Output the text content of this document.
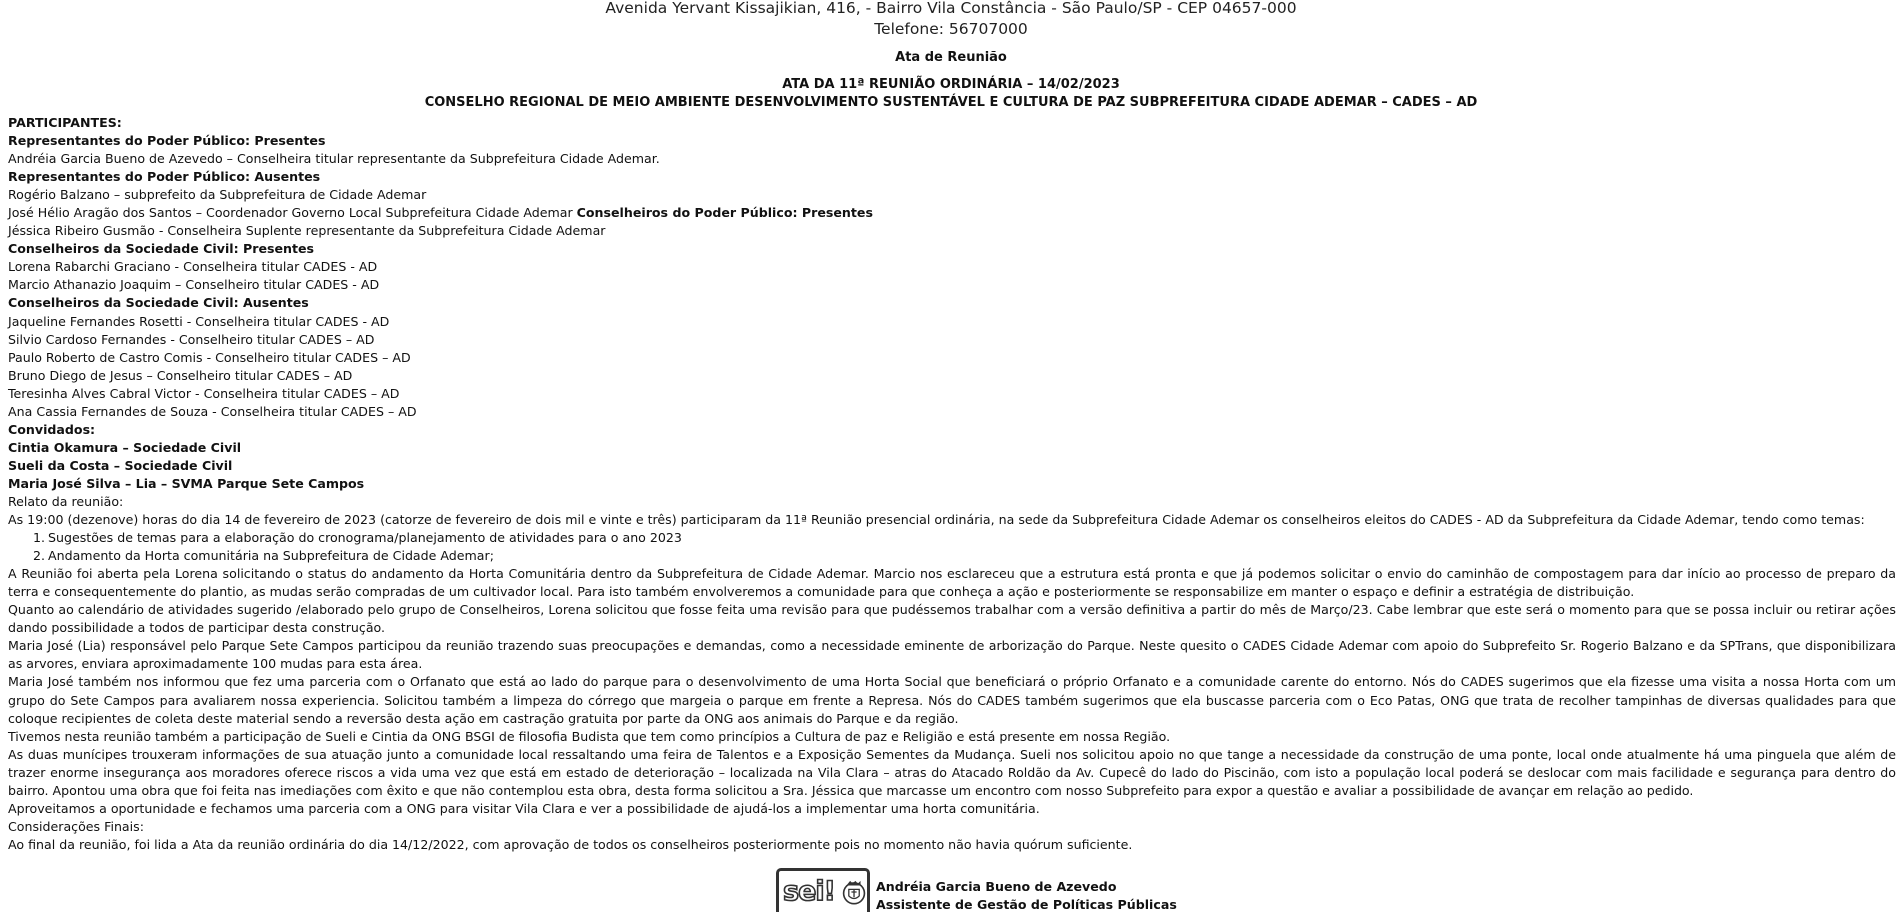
Avenida Yervant Kissajikian, 416, - Bairro Vila Constância - São Paulo/SP - CEP 04657-000
Telefone: 56707000
Ata de Reunião
ATA DA 11ª REUNIÃO ORDINÁRIA – 14/02/2023
CONSELHO REGIONAL DE MEIO AMBIENTE DESENVOLVIMENTO SUSTENTÁVEL E CULTURA DE PAZ SUBPREFEITURA CIDADE ADEMAR – CADES – AD
PARTICIPANTES:
Representantes do Poder Público: Presentes
Andréia Garcia Bueno de Azevedo – Conselheira titular representante da Subprefeitura Cidade Ademar.
Representantes do Poder Público: Ausentes
Rogério Balzano – subprefeito da Subprefeitura de Cidade Ademar
José Hélio Aragão dos Santos – Coordenador Governo Local Subprefeitura Cidade Ademar Conselheiros do Poder Público: Presentes
Jéssica Ribeiro Gusmão - Conselheira Suplente representante da Subprefeitura Cidade Ademar
Conselheiros da Sociedade Civil: Presentes
Lorena Rabarchi Graciano - Conselheira titular CADES - AD
Marcio Athanazio Joaquim – Conselheiro titular CADES - AD
Conselheiros da Sociedade Civil: Ausentes
Jaqueline Fernandes Rosetti - Conselheira titular CADES - AD
Silvio Cardoso Fernandes - Conselheiro titular CADES – AD
Paulo Roberto de Castro Comis - Conselheiro titular CADES – AD
Bruno Diego de Jesus – Conselheiro titular CADES – AD
Teresinha Alves Cabral Victor - Conselheira titular CADES – AD
Ana Cassia Fernandes de Souza - Conselheira titular CADES – AD
Convidados:
Cintia Okamura – Sociedade Civil
Sueli da Costa – Sociedade Civil
Maria José Silva – Lia – SVMA Parque Sete Campos
Relato da reunião:
As 19:00 (dezenove) horas do dia 14 de fevereiro de 2023 (catorze de fevereiro de dois mil e vinte e três) participaram da 11ª Reunião presencial ordinária, na sede da Subprefeitura Cidade Ademar os conselheiros eleitos do CADES - AD da Subprefeitura da Cidade Ademar, tendo como temas:
1. Sugestões de temas para a elaboração do cronograma/planejamento de atividades para o ano 2023
2. Andamento da Horta comunitária na Subprefeitura de Cidade Ademar;
A Reunião foi aberta pela Lorena solicitando o status do andamento da Horta Comunitária dentro da Subprefeitura de Cidade Ademar. Marcio nos esclareceu que a estrutura está pronta e que já podemos solicitar o envio do caminhão de compostagem para dar início ao processo de preparo da terra e consequentemente do plantio, as mudas serão compradas de um cultivador local. Para isto também envolveremos a comunidade para que conheça a ação e posteriormente se responsabilize em manter o espaço e definir a estratégia de distribuição.
Quanto ao calendário de atividades sugerido /elaborado pelo grupo de Conselheiros, Lorena solicitou que fosse feita uma revisão para que pudéssemos trabalhar com a versão definitiva a partir do mês de Março/23. Cabe lembrar que este será o momento para que se possa incluir ou retirar ações dando possibilidade a todos de participar desta construção.
Maria José (Lia) responsável pelo Parque Sete Campos participou da reunião trazendo suas preocupações e demandas, como a necessidade eminente de arborização do Parque. Neste quesito o CADES Cidade Ademar com apoio do Subprefeito Sr. Rogerio Balzano e da SPTrans, que disponibilizara as arvores, enviara aproximadamente 100 mudas para esta área.
Maria José também nos informou que fez uma parceria com o Orfanato que está ao lado do parque para o desenvolvimento de uma Horta Social que beneficiará o próprio Orfanato e a comunidade carente do entorno. Nós do CADES sugerimos que ela fizesse uma visita a nossa Horta com um grupo do Sete Campos para avaliarem nossa experiencia. Solicitou também a limpeza do córrego que margeia o parque em frente a Represa. Nós do CADES também sugerimos que ela buscasse parceria com o Eco Patas, ONG que trata de recolher tampinhas de diversas qualidades para que coloque recipientes de coleta deste material sendo a reversão desta ação em castração gratuita por parte da ONG aos animais do Parque e da região.
Tivemos nesta reunião também a participação de Sueli e Cintia da ONG BSGI de filosofia Budista que tem como princípios a Cultura de paz e Religião e está presente em nossa Região.
As duas munícipes trouxeram informações de sua atuação junto a comunidade local ressaltando uma feira de Talentos e a Exposição Sementes da Mudança. Sueli nos solicitou apoio no que tange a necessidade da construção de uma ponte, local onde atualmente há uma pinguela que além de trazer enorme insegurança aos moradores oferece riscos a vida uma vez que está em estado de deterioração – localizada na Vila Clara – atras do Atacado Roldão da Av. Cupecê do lado do Piscinão, com isto a população local poderá se deslocar com mais facilidade e segurança para dentro do bairro. Apontou uma obra que foi feita nas imediações com êxito e que não contemplou esta obra, desta forma solicitou a Sra. Jéssica que marcasse um encontro com nosso Subprefeito para expor a questão e avaliar a possibilidade de avançar em relação ao pedido.
Aproveitamos a oportunidade e fechamos uma parceria com a ONG para visitar Vila Clara e ver a possibilidade de ajudá-los a implementar uma horta comunitária.
Considerações Finais:
Ao final da reunião, foi lida a Ata da reunião ordinária do dia 14/12/2022, com aprovação de todos os conselheiros posteriormente pois no momento não havia quórum suficiente.
sei!	Andréia Garcia Bueno de Azevedo
Assistente de Gestão de Políticas Públicas
